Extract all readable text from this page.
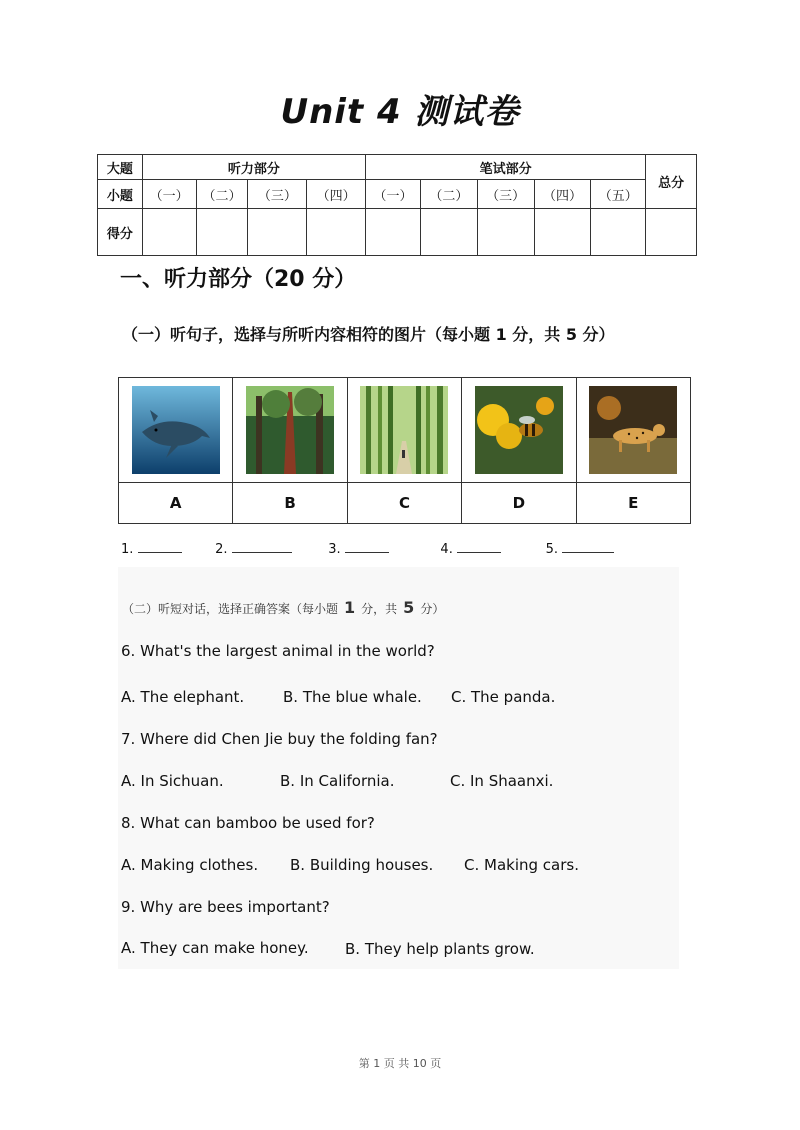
Unit 4 测试卷
大题	听力部分				笔试部分					总分
小题	（一）	（二）	（三）	（四）	（一）	（二）	（三）	（四）	（五）	
得分										
一、听力部分（20 分）
（一）听句子，选择与所听内容相符的图片（每小题 1 分，共 5 分）

A	B	C	D	E
1.	2.	3.	4.	5.
（二）听短对话，选择正确答案（每小题 1 分，共 5 分）
6. What's the largest animal in the world?
A. The elephant.	B. The blue whale. C. The panda.
7. Where did Chen Jie buy the folding fan?
A. In Sichuan.	B. In California.	C. In Shaanxi.
8. What can bamboo be used for?
A. Making clothes. B. Building houses. C. Making cars.
9. Why are bees important?
A. They can make honey. B. They help plants grow.
第 1 页 共 10 页
